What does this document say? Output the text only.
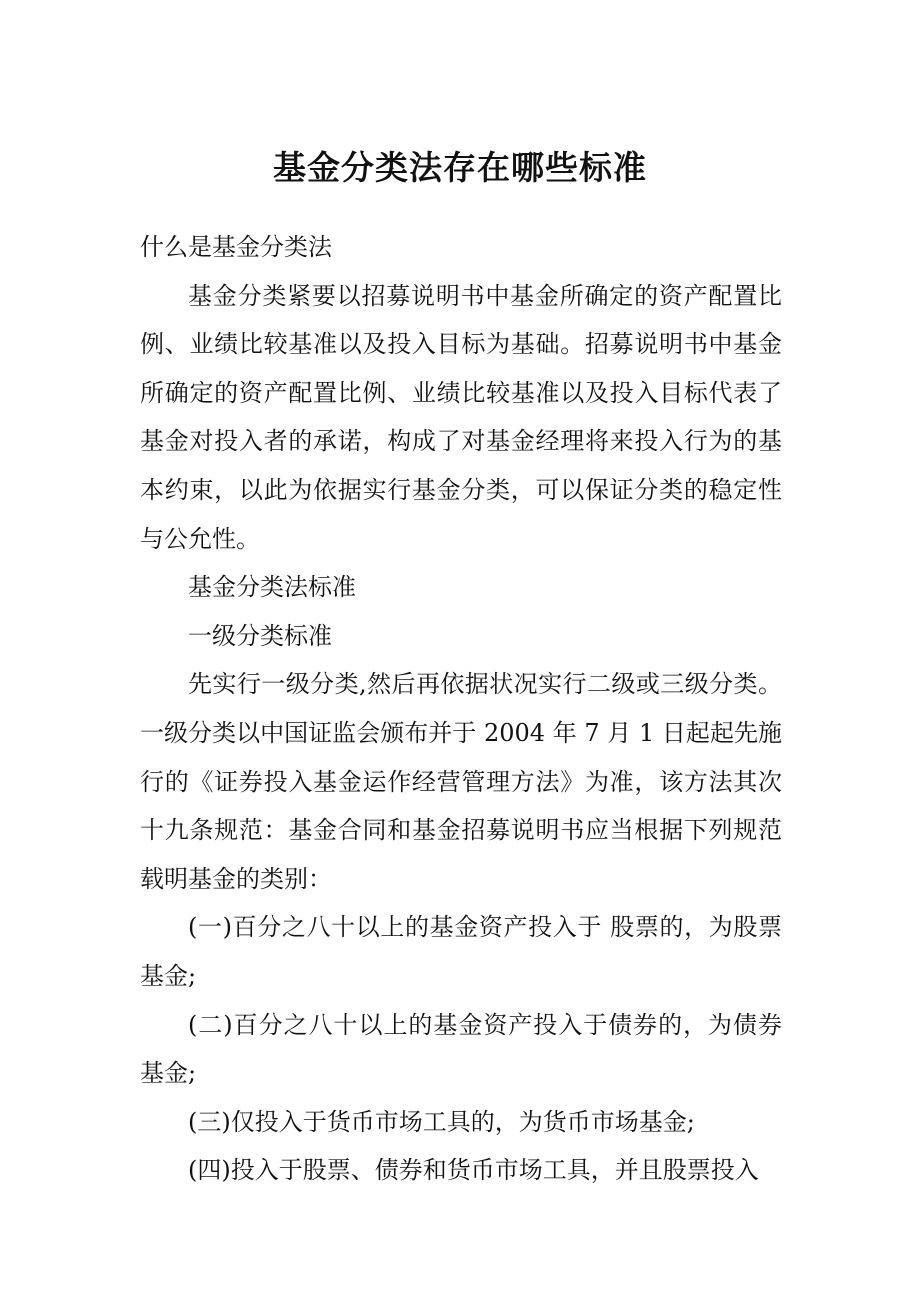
基金分类法存在哪些标准

什么是基金分类法

基金分类紧要以招募说明书中基金所确定的资产配置比例、业绩比较基准以及投入目标为基础。招募说明书中基金所确定的资产配置比例、业绩比较基准以及投入目标代表了基金对投入者的承诺，构成了对基金经理将来投入行为的基本约束，以此为依据实行基金分类，可以保证分类的稳定性与公允性。

基金分类法标准

一级分类标准

先实行一级分类,然后再依据状况实行二级或三级分类。一级分类以中国证监会颁布并于 2004 年 7 月 1 日起起先施行的《证券投入基金运作经营管理方法》为准，该方法其次十九条规范：基金合同和基金招募说明书应当根据下列规范载明基金的类别：

(一)百分之八十以上的基金资产投入于 股票的，为股票基金;

(二)百分之八十以上的基金资产投入于债券的，为债券基金;

(三)仅投入于货币市场工具的，为货币市场基金;

(四)投入于股票、债券和货币市场工具，并且股票投入
